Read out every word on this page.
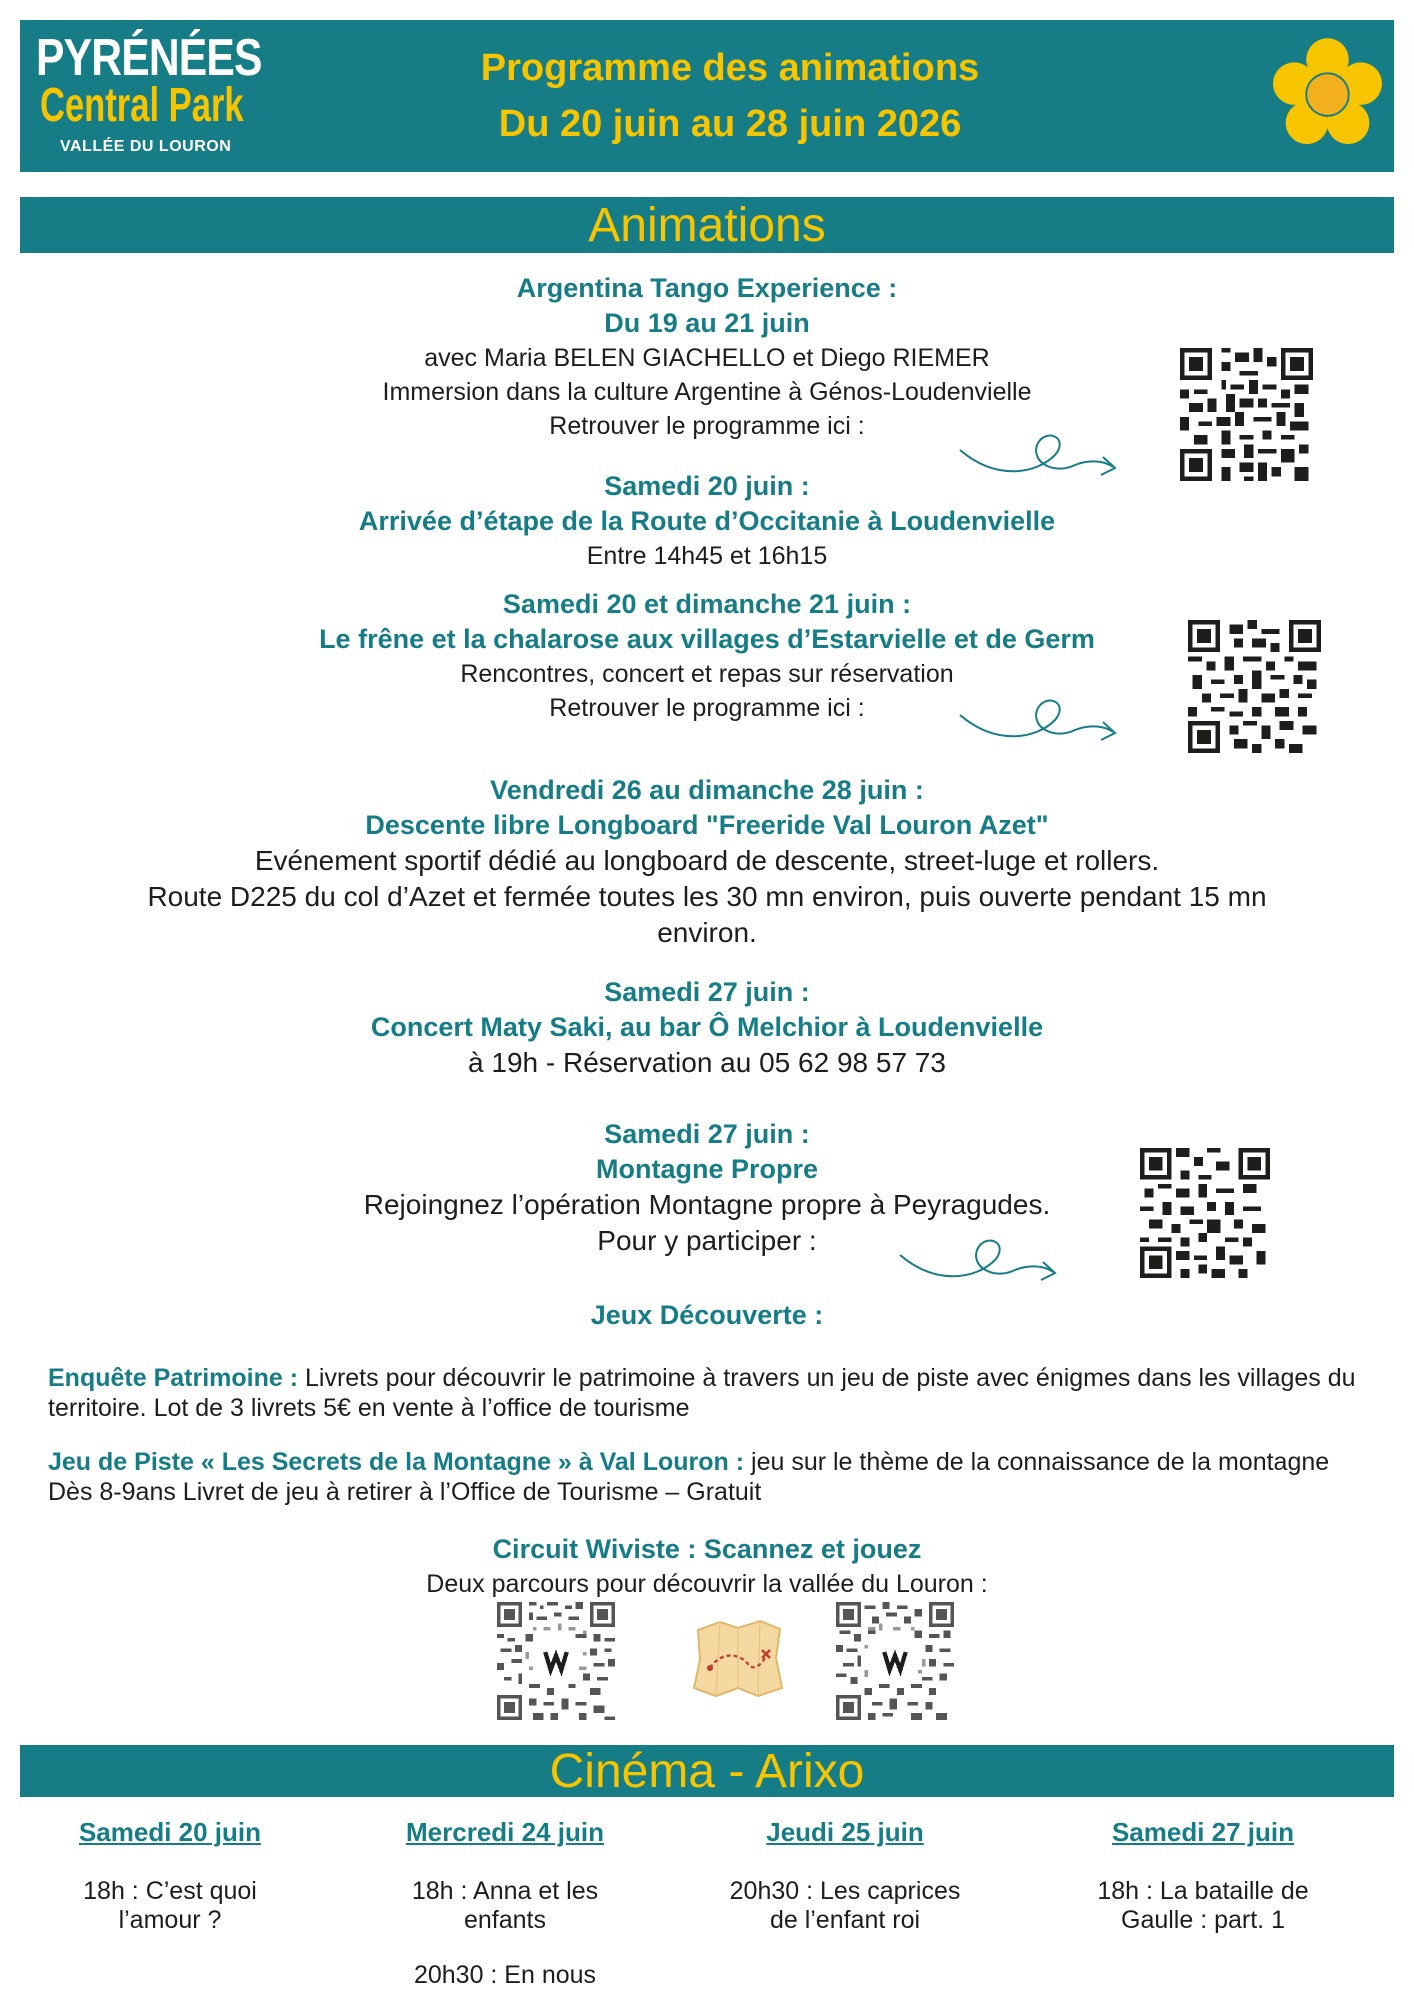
PYRÉNÉES
Central Park
VALLÉE DU LOURON
Programme des animations
Du 20 juin au 28 juin 2026
Animations
Argentina Tango Experience :
Du 19 au 21 juin
avec Maria BELEN GIACHELLO et Diego RIEMER
Immersion dans la culture Argentine à Génos-Loudenvielle
Retrouver le programme ici :
Samedi 20 juin :
Arrivée d’étape de la Route d’Occitanie à Loudenvielle
Entre 14h45 et 16h15
Samedi 20 et dimanche 21 juin :
Le frêne et la chalarose aux villages d’Estarvielle et de Germ
Rencontres, concert et repas sur réservation
Retrouver le programme ici :
Vendredi 26 au dimanche 28 juin :
Descente libre Longboard "Freeride Val Louron Azet"
Evénement sportif dédié au longboard de descente, street-luge et rollers.
Route D225 du col d’Azet et fermée toutes les 30 mn environ, puis ouverte pendant 15 mn
environ.
Samedi 27 juin :
Concert Maty Saki, au bar Ô Melchior à Loudenvielle
à 19h - Réservation au 05 62 98 57 73
Samedi 27 juin :
Montagne Propre
Rejoingnez l’opération Montagne propre à Peyragudes.
Pour y participer :
Jeux Découverte :
Enquête Patrimoine : Livrets pour découvrir le patrimoine à travers un jeu de piste avec énigmes dans les villages du territoire. Lot de 3 livrets 5€ en vente à l’office de tourisme
Jeu de Piste « Les Secrets de la Montagne » à Val Louron : jeu sur le thème de la connaissance de la montagne Dès 8-9ans Livret de jeu à retirer à l’Office de Tourisme – Gratuit
Circuit Wiviste : Scannez et jouez
Deux parcours pour découvrir la vallée du Louron :
Cinéma - Arixo
Samedi 20 juin
18h : C’est quoi
l’amour ?
Mercredi 24 juin
18h : Anna et les
enfants
20h30 : En nous
Jeudi 25 juin
20h30 : Les caprices
de l’enfant roi
Samedi 27 juin
18h : La bataille de
Gaulle : part. 1
